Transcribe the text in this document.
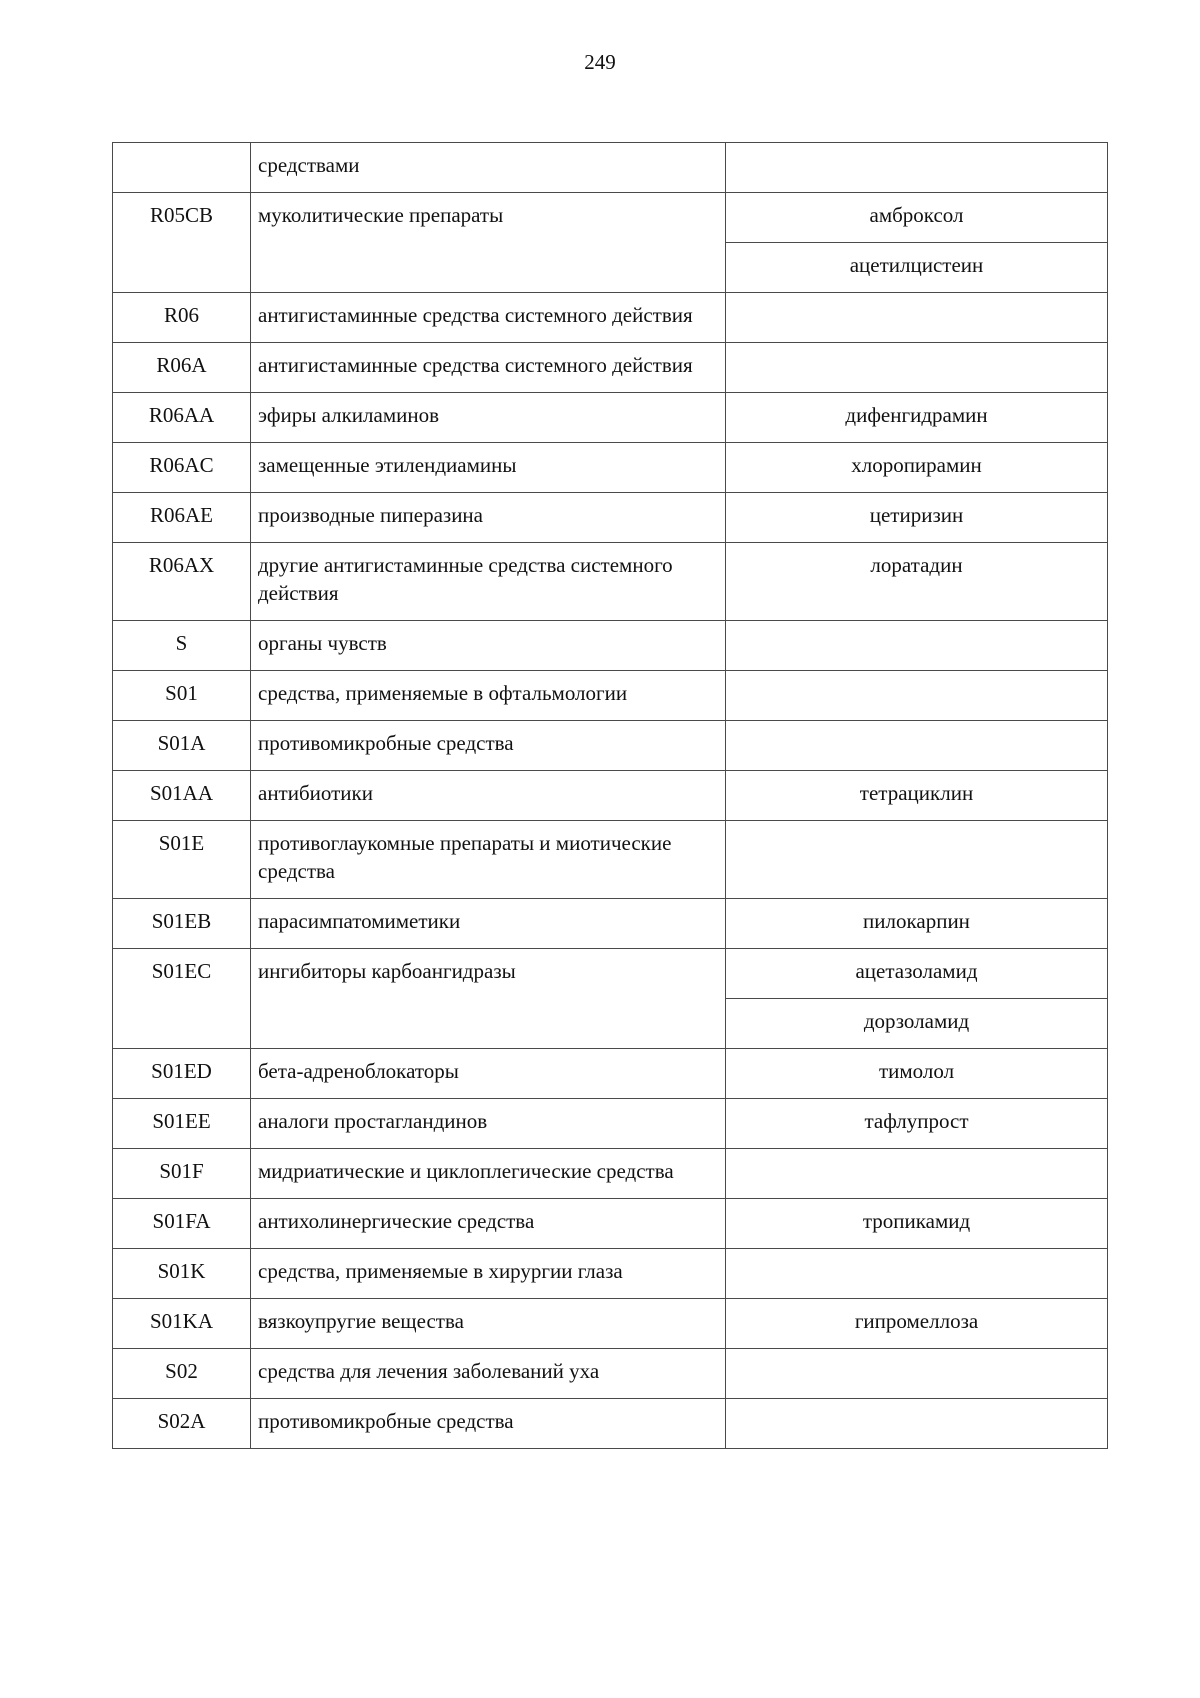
249
	средствами	
R05CB	муколитические препараты	амброксол
		ацетилцистеин
R06	антигистаминные средства системного действия	
R06A	антигистаминные средства системного действия	
R06AA	эфиры алкиламинов	дифенгидрамин
R06AC	замещенные этилендиамины	хлоропирамин
R06AE	производные пиперазина	цетиризин
R06AX	другие антигистаминные средства системного действия	лоратадин
S	органы чувств	
S01	средства, применяемые в офтальмологии	
S01A	противомикробные средства	
S01AA	антибиотики	тетрациклин
S01E	противоглаукомные препараты и миотические средства	
S01EB	парасимпатомиметики	пилокарпин
S01EC	ингибиторы карбоангидразы	ацетазоламид
		дорзоламид
S01ED	бета-адреноблокаторы	тимолол
S01EE	аналоги простагландинов	тафлупрост
S01F	мидриатические и циклоплегические средства	
S01FA	антихолинергические средства	тропикамид
S01K	средства, применяемые в хирургии глаза	
S01KA	вязкоупругие вещества	гипромеллоза
S02	средства для лечения заболеваний уха	
S02A	противомикробные средства	
